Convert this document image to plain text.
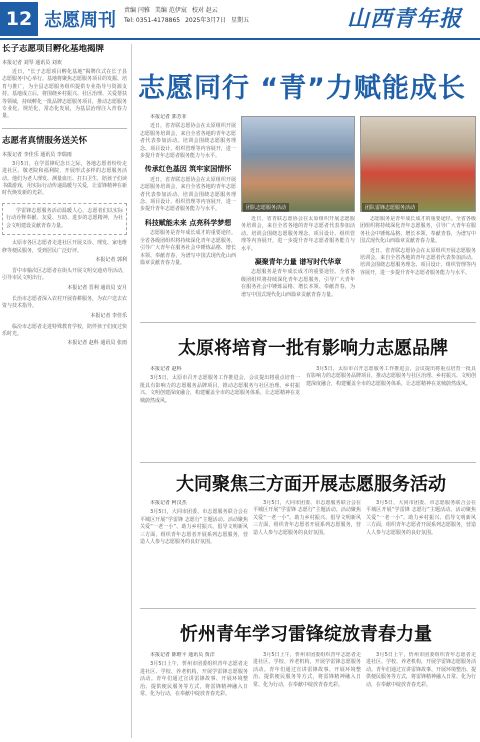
12 志愿周刊 责编 闫雅 美编 范伊宸 校对 赵云
Tel: 0351-4178865 2025年3月7日 星期五	山西青年报
长子志愿项目孵化基地揭牌
本报记者 刘琴 通讯员 刘欢
近日，“长子志愿项目孵化基地”揭牌仪式在长子县志愿服务中心举行。基地将聚焦志愿服务项目的发掘、培育与推广，为全县志愿服务组织提供专业指导与资源支持。基地成立后，将围绕乡村振兴、社区治理、关爱帮扶等领域，持续孵化一批品牌志愿服务项目，推动志愿服务专业化、规范化、常态化发展，为基层治理注入青春力量。
志愿者真情服务送关怀
本报记者 李佳乐 通讯员 李瑞雨
3月5日，在学雷锋纪念日之际，各地志愿者纷纷走进社区、敬老院和福利院，开展形式多样的志愿服务活动。他们为老人理发、测量血压、打扫卫生，陪孩子们读书做游戏，用实际行动传递温暖与关爱，让雷锋精神在新时代焕发新的光彩。
学雷锋志愿服务活动温暖人心，志愿者们以实际行动诠释奉献、友爱、互助、进步的志愿精神，为社会文明建设贡献青春力量。
太原市各区志愿者走进社区开展义诊、理发、家电维修等便民服务，受到居民广泛好评。
本报记者 郭利
晋中市榆次区志愿者在街头开展文明交通劝导活动，引导市民文明出行。
本报记者 晋利 通讯员 安月
长治市志愿者深入农村开展春耕服务，为农户送去农资与技术指导。
本报记者 李佳乐
临汾市志愿者走进特殊教育学校，陪伴孩子们度过快乐时光。
本报记者 赵科 通讯员 张雨
志愿同行 “青”力赋能成长

本报记者 郭芳菲

近日，省青联志愿协会在太原组织开展志愿服务培训会，来自全省各地的青年志愿者代表参加活动。培训会围绕志愿服务理念、项目设计、组织管理等内容展开，进一步提升青年志愿者服务能力与水平。

传承红色基因 筑牢家国情怀

近日，省青联志愿协会在太原组织开展志愿服务培训会，来自全省各地的青年志愿者代表参加活动。培训会围绕志愿服务理念、项目设计、组织管理等内容展开，进一步提升青年志愿者服务能力与水平。

科技赋能未来 点亮科学梦想

志愿服务是青年成长成才的重要途径。全省各级团组织将持续深化青年志愿服务，引导广大青年在服务社会中锤炼品格、增长本领、奉献青春，为谱写中国式现代化山西篇章贡献青春力量。

团队志愿服务活动	团队雷锋志愿服务活动

近日，省青联志愿协会在太原组织开展志愿服务培训会，来自全省各地的青年志愿者代表参加活动。培训会围绕志愿服务理念、项目设计、组织管理等内容展开，进一步提升青年志愿者服务能力与水平。

凝聚青年力量 谱写时代华章

志愿服务是青年成长成才的重要途径。全省各级团组织将持续深化青年志愿服务，引导广大青年在服务社会中锤炼品格、增长本领、奉献青春，为谱写中国式现代化山西篇章贡献青春力量。

志愿服务是青年成长成才的重要途径。全省各级团组织将持续深化青年志愿服务，引导广大青年在服务社会中锤炼品格、增长本领、奉献青春，为谱写中国式现代化山西篇章贡献青春力量。

近日，省青联志愿协会在太原组织开展志愿服务培训会，来自全省各地的青年志愿者代表参加活动。培训会围绕志愿服务理念、项目设计、组织管理等内容展开，进一步提升青年志愿者服务能力与水平。

太原将培育一批有影响力志愿品牌

本报记者 赵科

3月5日，太原市召开志愿服务工作推进会，会议提出将重点培育一批具有影响力的志愿服务品牌项目，推动志愿服务与社区治理、乡村振兴、文明创建深度融合，构建覆盖全市的志愿服务体系，让志愿精神在龙城蔚然成风。

3月5日，太原市召开志愿服务工作推进会，会议提出将重点培育一批具有影响力的志愿服务品牌项目，推动志愿服务与社区治理、乡村振兴、文明创建深度融合，构建覆盖全市的志愿服务体系，让志愿精神在龙城蔚然成风。

大同聚焦三方面开展志愿服务活动

本报记者 柯汉杰

3月5日，大同市团委、市志愿服务联合会在平城区开展“学雷锋 志愿行”主题活动。活动聚焦关爱“一老一小”、助力乡村振兴、倡导文明新风三方面，组织青年志愿者开展系列志愿服务，营造人人参与志愿服务的良好氛围。

3月5日，大同市团委、市志愿服务联合会在平城区开展“学雷锋 志愿行”主题活动。活动聚焦关爱“一老一小”、助力乡村振兴、倡导文明新风三方面，组织青年志愿者开展系列志愿服务，营造人人参与志愿服务的良好氛围。

3月5日，大同市团委、市志愿服务联合会在平城区开展“学雷锋 志愿行”主题活动。活动聚焦关爱“一老一小”、助力乡村振兴、倡导文明新风三方面，组织青年志愿者开展系列志愿服务，营造人人参与志愿服务的良好氛围。

忻州青年学习雷锋绽放青春力量

本报记者 陈维平 通讯员 贾洋

3月5日上午，忻州市团委组织青年志愿者走进社区、学校、养老机构，开展学雷锋志愿服务活动。青年们通过宣讲雷锋故事、开展环境整治、提供便民服务等方式，将雷锋精神融入日常、化为行动，在奉献中绽放青春光彩。

3月5日上午，忻州市团委组织青年志愿者走进社区、学校、养老机构，开展学雷锋志愿服务活动。青年们通过宣讲雷锋故事、开展环境整治、提供便民服务等方式，将雷锋精神融入日常、化为行动，在奉献中绽放青春光彩。

3月5日上午，忻州市团委组织青年志愿者走进社区、学校、养老机构，开展学雷锋志愿服务活动。青年们通过宣讲雷锋故事、开展环境整治、提供便民服务等方式，将雷锋精神融入日常、化为行动，在奉献中绽放青春光彩。
